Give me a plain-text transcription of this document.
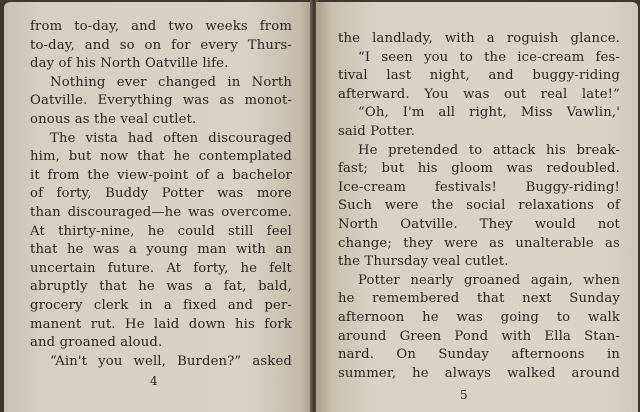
from to-day, and two weeks from
to-day, and so on for every Thurs-
day of his North Oatville life.
Nothing ever changed in North
Oatville. Everything was as monot-
onous as the veal cutlet.
The vista had often discouraged
him, but now that he contemplated
it from the view-point of a bachelor
of forty, Buddy Potter was more
than discouraged—he was overcome.
At thirty-nine, he could still feel
that he was a young man with an
uncertain future. At forty, he felt
abruptly that he was a fat, bald,
grocery clerk in a fixed and per-
manent rut. He laid down his fork
and groaned aloud.
“Ain't you well, Burden?” asked
4
the landlady, with a roguish glance.
“I seen you to the ice-cream fes-
tival last night, and buggy-riding
afterward. You was out real late!”
“Oh, I'm all right, Miss Vawlin,'
said Potter.
He pretended to attack his break-
fast; but his gloom was redoubled.
Ice-cream festivals! Buggy-riding!
Such were the social relaxations of
North Oatville. They would not
change; they were as unalterable as
the Thursday veal cutlet.
Potter nearly groaned again, when
he remembered that next Sunday
afternoon he was going to walk
around Green Pond with Ella Stan-
nard. On Sunday afternoons in
summer, he always walked around
5
